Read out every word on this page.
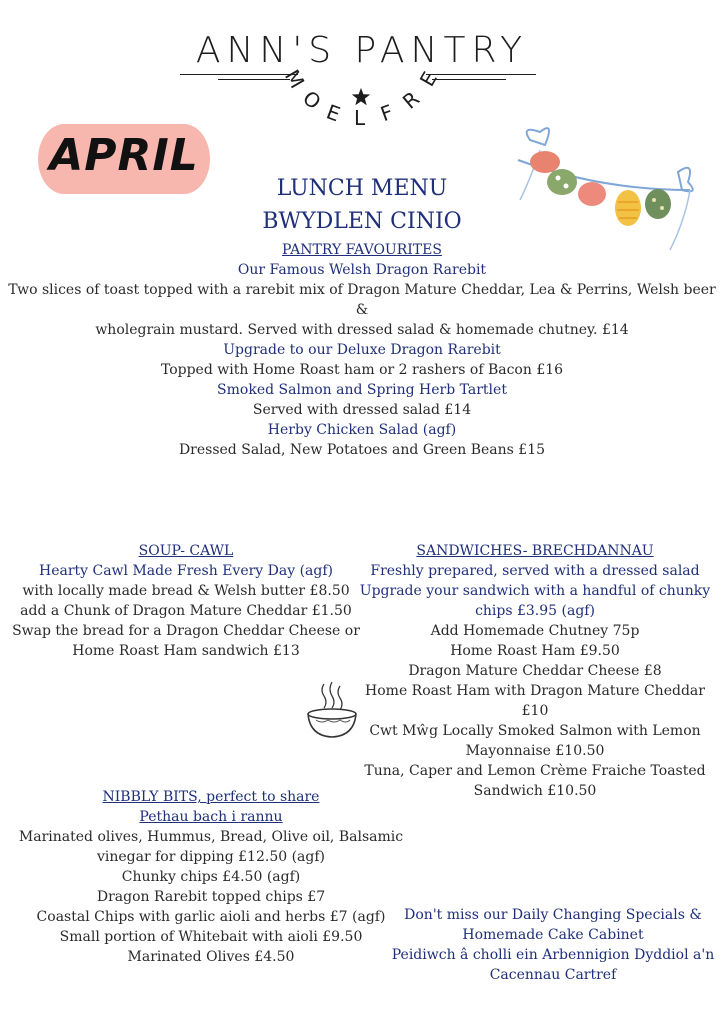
ANN'S PANTRY
M
O
E L F R
E
APRIL
LUNCH MENU
BWYDLEN CINIO
PANTRY FAVOURITES
Our Famous Welsh Dragon Rarebit
Two slices of toast topped with a rarebit mix of Dragon Mature Cheddar, Lea & Perrins, Welsh beer &
wholegrain mustard. Served with dressed salad & homemade chutney. £14
Upgrade to our Deluxe Dragon Rarebit
Topped with Home Roast ham or 2 rashers of Bacon £16
Smoked Salmon and Spring Herb Tartlet
Served with dressed salad £14
Herby Chicken Salad (agf)
Dressed Salad, New Potatoes and Green Beans £15
SOUP- CAWL
Hearty Cawl Made Fresh Every Day (agf)
with locally made bread & Welsh butter £8.50
add a Chunk of Dragon Mature Cheddar £1.50
Swap the bread for a Dragon Cheddar Cheese or
Home Roast Ham sandwich £13
SANDWICHES- BRECHDANNAU
Freshly prepared, served with a dressed salad
Upgrade your sandwich with a handful of chunky
chips £3.95 (agf)
Add Homemade Chutney 75p
Home Roast Ham £9.50
Dragon Mature Cheddar Cheese £8
Home Roast Ham with Dragon Mature Cheddar £10
Cwt Mŵg Locally Smoked Salmon with Lemon
Mayonnaise £10.50
Tuna, Caper and Lemon Crème Fraiche Toasted
Sandwich £10.50
NIBBLY BITS, perfect to share
Pethau bach i rannu
Marinated olives, Hummus, Bread, Olive oil, Balsamic
vinegar for dipping £12.50 (agf)
Chunky chips £4.50 (agf)
Dragon Rarebit topped chips £7
Coastal Chips with garlic aioli and herbs £7 (agf)
Small portion of Whitebait with aioli £9.50
Marinated Olives £4.50
Don't miss our Daily Changing Specials &
Homemade Cake Cabinet
Peidiwch â cholli ein Arbennigion Dyddiol a'n
Cacennau Cartref
